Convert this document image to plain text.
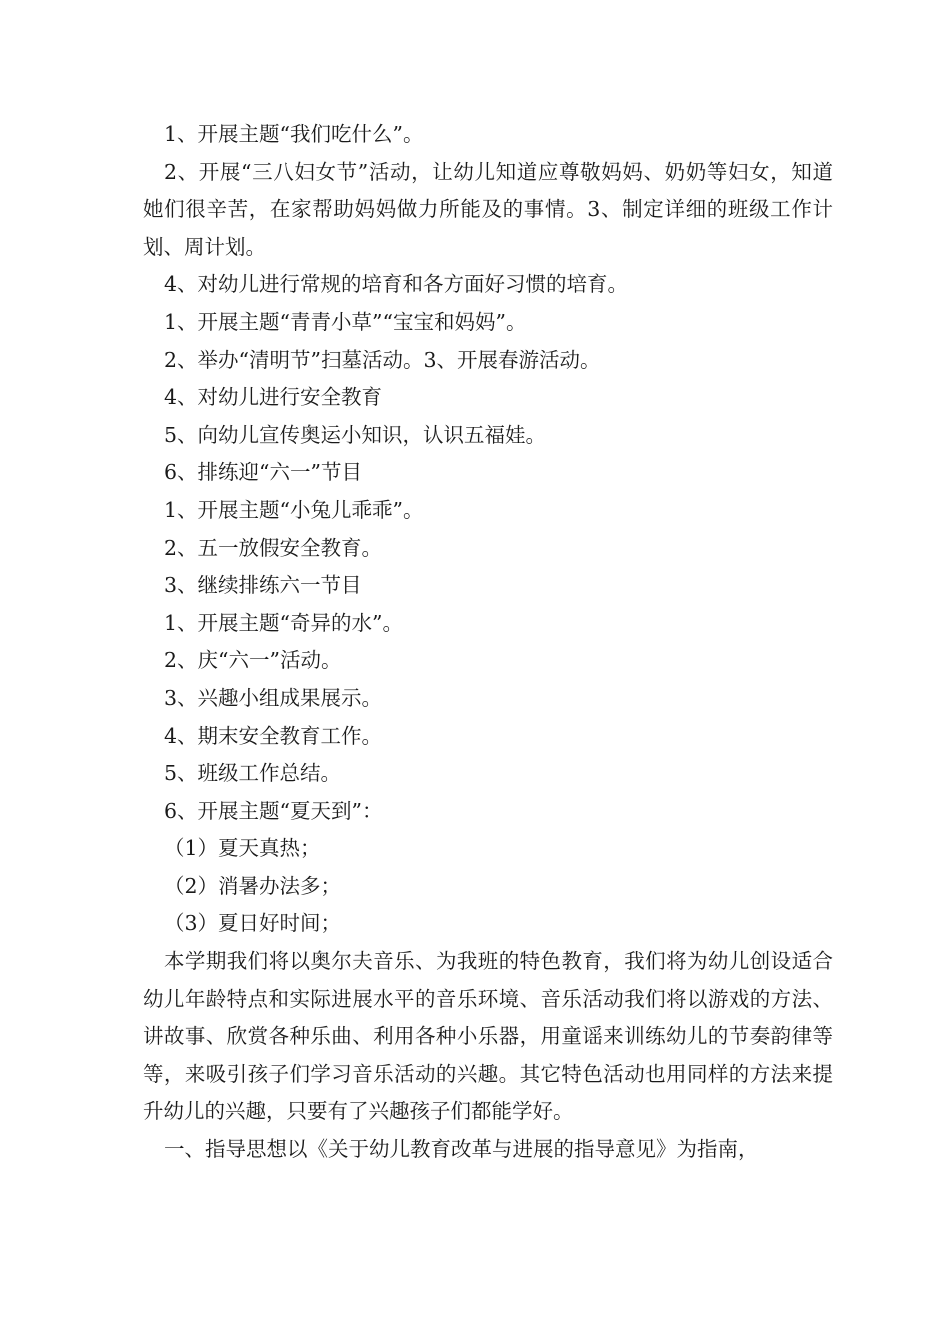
1、开展主题“我们吃什么”。

2、开展“三八妇女节”活动，让幼儿知道应尊敬妈妈、奶奶等妇女，知道她们很辛苦，在家帮助妈妈做力所能及的事情。3、制定详细的班级工作计划、周计划。

4、对幼儿进行常规的培育和各方面好习惯的培育。

1、开展主题“青青小草”“宝宝和妈妈”。

2、举办“清明节”扫墓活动。3、开展春游活动。

4、对幼儿进行安全教育

5、向幼儿宣传奥运小知识，认识五福娃。

6、排练迎“六一”节目

1、开展主题“小兔儿乖乖”。

2、五一放假安全教育。

3、继续排练六一节目

1、开展主题“奇异的水”。

2、庆“六一”活动。

3、兴趣小组成果展示。

4、期末安全教育工作。

5、班级工作总结。

6、开展主题“夏天到”：

（1）夏天真热；

（2）消暑办法多；

（3）夏日好时间；

本学期我们将以奥尔夫音乐、为我班的特色教育，我们将为幼儿创设适合幼儿年龄特点和实际进展水平的音乐环境、音乐活动我们将以游戏的方法、讲故事、欣赏各种乐曲、利用各种小乐器，用童谣来训练幼儿的节奏韵律等等，来吸引孩子们学习音乐活动的兴趣。其它特色活动也用同样的方法来提升幼儿的兴趣，只要有了兴趣孩子们都能学好。

一、指导思想以《关于幼儿教育改革与进展的指导意见》为指南，
